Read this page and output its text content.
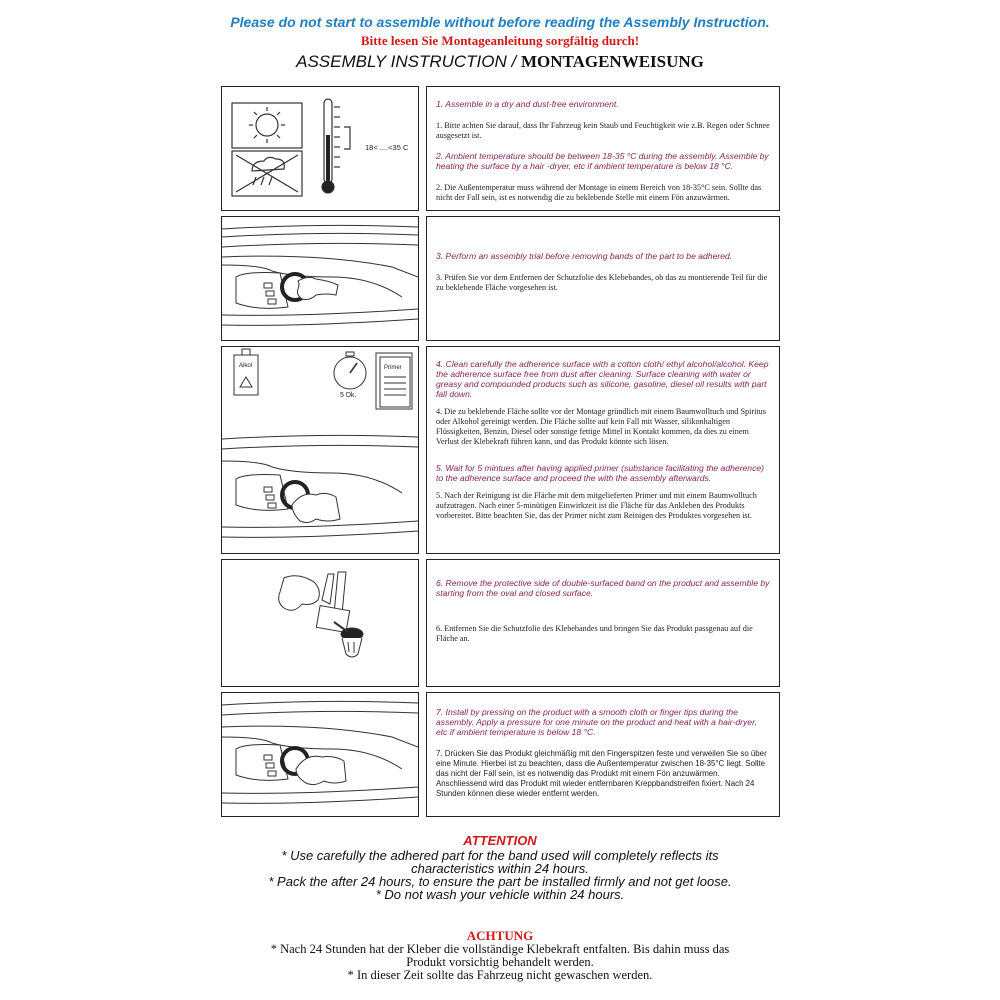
Please do not start to assemble without before reading the Assembly Instruction.
Bitte lesen Sie Montageanleitung sorgfältig durch!
ASSEMBLY INSTRUCTION / MONTAGENWEISUNG
18< ....<35 C

1. Assemble in a dry and dust-free environment.

1. Bitte achten Sie darauf, dass Ihr Fahrzeug kein Staub und Feuchtigkeit wie z.B. Regen oder Schnee ausgesetzt ist.

2. Ambient temperature should be between 18-35 °C during the assembly. Assemble by heating the surface by a hair -dryer, etc if ambient temperature is below 18 °C.

2. Die Außentemperatur muss während der Montage in einem Bereich von 18-35°C sein. Sollte das nicht der Fall sein, ist es notwendig die zu beklebende Stelle mit einem Fön anzuwärmen.

3. Perform an assembly trial before removing bands of the part to be adhered.

3. Prüfen Sie vor dem Entfernen der Schutzfolie des Klebebandes, ob das zu montierende Teil für die zu beklebende Fläche vorgesehen ist.

Alkol
5 Dk.
Primer	4. Clean carefully the adherence surface with a cotton cloth/ ethyl alcohol/alcohol. Keep the adherence surface free from dust after cleaning. Surface cleaning with water or greasy and compounded products such as silicone, gasoline, diesel oil results with part fall down.

4. Die zu beklebende Fläche sollte vor der Montage gründlich mit einem Baumwolltuch und Spiritus oder Alkohol gereinigt werden. Die Fläche sollte auf kein Fall mit Wasser, silikonhaltigen Flüssigkeiten, Benzin, Diesel oder sonstige fettige Mittel in Kontakt kommen, da dies zu einem Verlust der Klebekraft führen kann, und das Produkt könnte sich lösen.

5. Wait for 5 mintues after having applied primer (substance facilitating the adherence) to the adherence surface and proceed the with the assembly afterwards.

5. Nach der Reinigung ist die Fläche mit dem mitgelieferten Primer und mit einem Baumwolltuch aufzutragen. Nach einer 5-minütigen Einwirkzeit ist die Fläche für das Ankleben des Produkts vorbereitet. Bitte beachten Sie, das der Primer nicht zum Reinigen des Produktes vorgesehen ist.

6. Remove the protective side of double-surfaced band on the product and assemble by starting from the oval and closed surface.

6. Entfernen Sie die Schutzfolie des Klebebandes und bringen Sie das Produkt passgenau auf die Fläche an.

7. Install by pressing on the product with a smooth cloth or finger tips during the assembly. Apply a pressure for one minute on the product and heat with a hair-dryer, etc if ambient temperature is below 18 °C.

7. Drücken Sie das Produkt gleichmäßig mit den Fingerspitzen feste und verweilen Sie so über eine Minute. Hierbei ist zu beachten, dass die Außentemperatur zwischen 18-35°C liegt. Sollte das nicht der Fall sein, ist es notwendig das Produkt mit einem Fön anzuwärmen. Anschliessend wird das Produkt mit wieder entfernbaren Kreppbandstreifen fixiert. Nach 24 Stunden können diese wieder entfernt werden.

ATTENTION
* Use carefully the adhered part for the band used will completely reflects its
characteristics within 24 hours.
* Pack the after 24 hours, to ensure the part be installed firmly and not get loose.
* Do not wash your vehicle within 24 hours.
ACHTUNG
* Nach 24 Stunden hat der Kleber die vollständige Klebekraft entfalten. Bis dahin muss das
Produkt vorsichtig behandelt werden.
* In dieser Zeit sollte das Fahrzeug nicht gewaschen werden.
